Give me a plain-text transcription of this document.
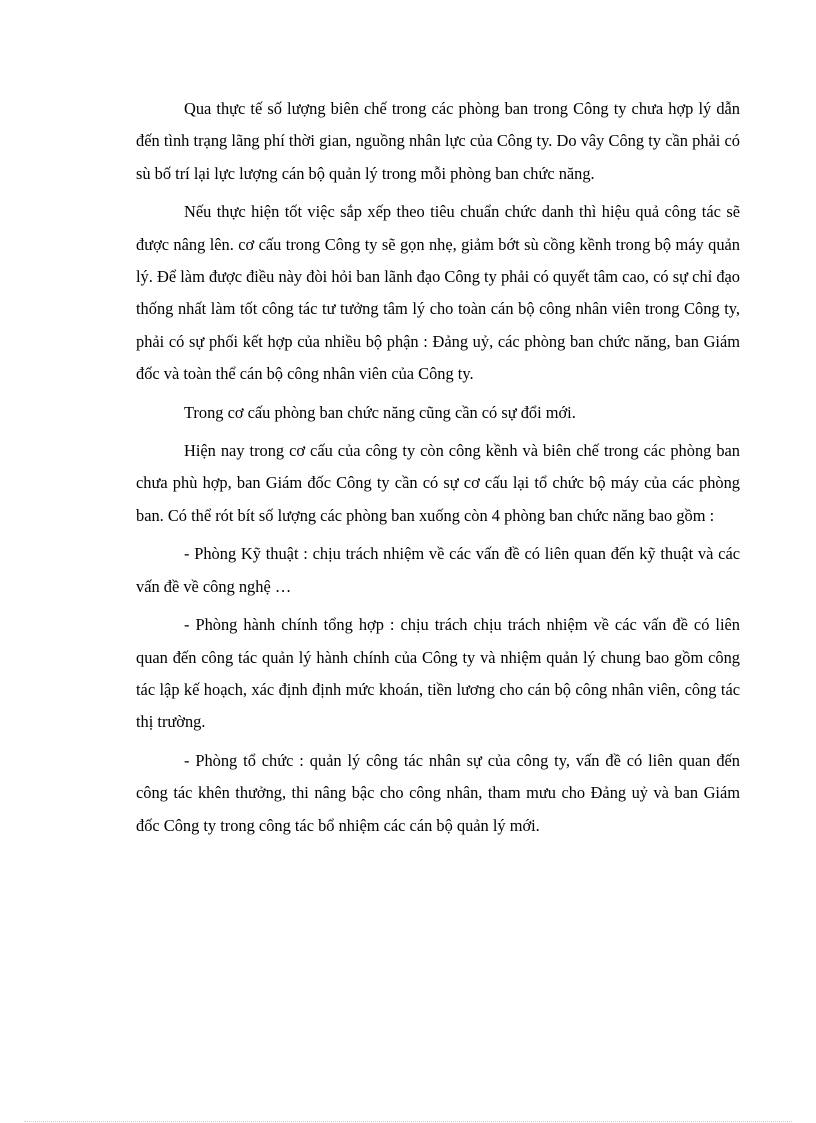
Qua thực tế số lượng biên chế trong các phòng ban trong Công ty chưa hợp lý dẫn đến tình trạng lãng phí thời gian, nguồng nhân lực của Công ty. Do vây Công ty cần phải có sù bố trí lại lực lượng cán bộ quản lý trong mỗi phòng ban chức năng.

Nếu thực hiện tốt việc sắp xếp theo tiêu chuẩn chức danh thì hiệu quả công tác sẽ được nâng lên. cơ cấu trong Công ty sẽ gọn nhẹ, giảm bớt sù cồng kềnh trong bộ máy quản lý. Để làm được điều này đòi hỏi ban lãnh đạo Công ty phải có quyết tâm cao, có sự chỉ đạo thống nhất làm tốt công tác tư tưởng tâm lý cho toàn cán bộ công nhân viên trong Công ty, phải có sự phối kết hợp của nhiều bộ phận : Đảng uỷ, các phòng ban chức năng, ban Giám đốc và toàn thể cán bộ công nhân viên của Công ty.

Trong cơ cấu phòng ban chức năng cũng cần có sự đổi mới.

Hiện nay trong cơ cấu của công ty còn công kềnh và biên chế trong các phòng ban chưa phù hợp, ban Giám đốc Công ty cần có sự cơ cấu lại tổ chức bộ máy của các phòng ban. Có thể rót bít số lượng các phòng ban xuống còn 4 phòng ban chức năng bao gồm :

- Phòng Kỹ thuật : chịu trách nhiệm về các vấn đề có liên quan đến kỹ thuật và các vấn đề về công nghệ …

- Phòng hành chính tổng hợp : chịu trách chịu trách nhiệm về các vấn đề có liên quan đến công tác quản lý hành chính của Công ty và nhiệm quản lý chung bao gồm công tác lập kế hoạch, xác định định mức khoán, tiền lương cho cán bộ công nhân viên, công tác thị trường.

- Phòng tổ chức : quản lý công tác nhân sự của công ty, vấn đề có liên quan đến công tác khên thưởng, thi nâng bậc cho công nhân, tham mưu cho Đảng uỷ và ban Giám đốc Công ty trong công tác bổ nhiệm các cán bộ quản lý mới.
